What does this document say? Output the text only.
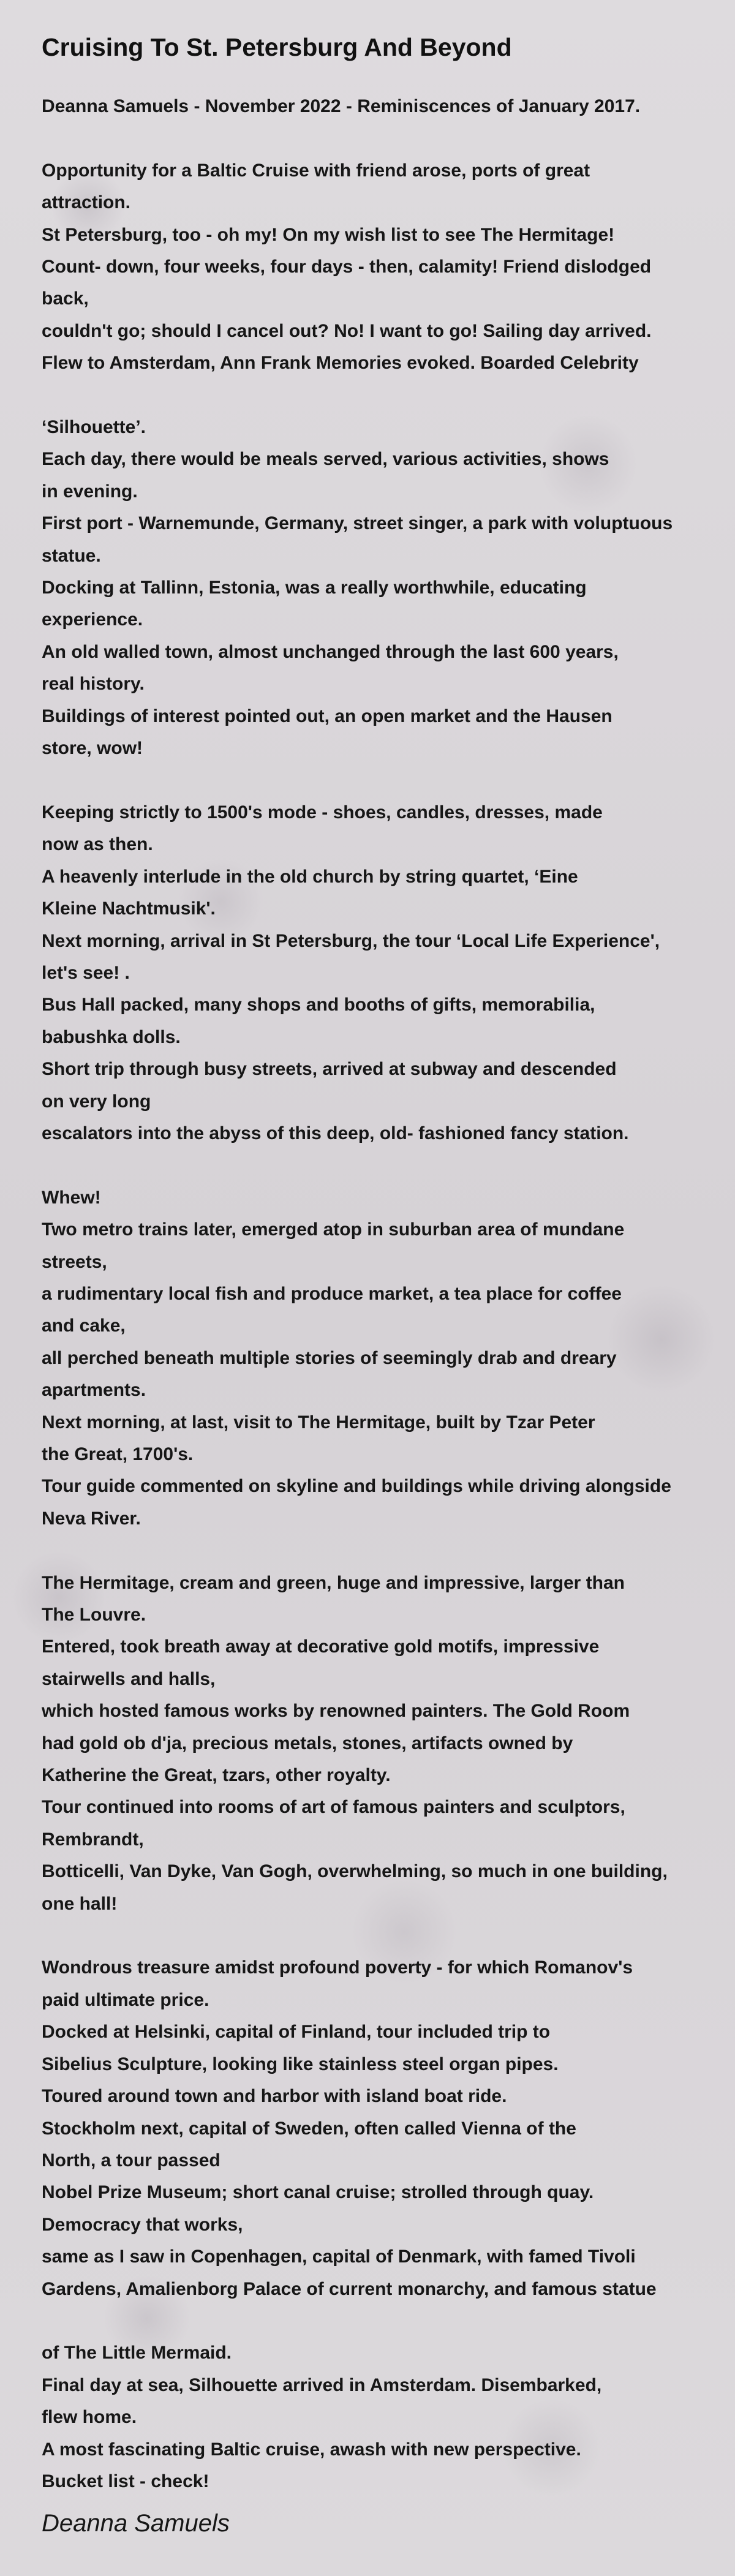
Cruising To St. Petersburg And Beyond
Deanna Samuels - November 2022 - Reminiscences of January 2017.
Opportunity for a Baltic Cruise with friend arose, ports of great
attraction.
St Petersburg, too - oh my! On my wish list to see The Hermitage!
Count- down, four weeks, four days - then, calamity! Friend dislodged
back,
couldn't go; should I cancel out? No! I want to go! Sailing day arrived.
Flew to Amsterdam, Ann Frank Memories evoked. Boarded Celebrity
‘Silhouette’.
Each day, there would be meals served, various activities, shows
in evening.
First port - Warnemunde, Germany, street singer, a park with voluptuous
statue.
Docking at Tallinn, Estonia, was a really worthwhile, educating
experience.
An old walled town, almost unchanged through the last 600 years,
real history.
Buildings of interest pointed out, an open market and the Hausen
store, wow!
Keeping strictly to 1500's mode - shoes, candles, dresses, made
now as then.
A heavenly interlude in the old church by string quartet, ‘Eine
Kleine Nachtmusik'.
Next morning, arrival in St Petersburg, the tour ‘Local Life Experience',
let's see! .
Bus Hall packed, many shops and booths of gifts, memorabilia,
babushka dolls.
Short trip through busy streets, arrived at subway and descended
on very long
escalators into the abyss of this deep, old- fashioned fancy station.
Whew!
Two metro trains later, emerged atop in suburban area of mundane
streets,
a rudimentary local fish and produce market, a tea place for coffee
and cake,
all perched beneath multiple stories of seemingly drab and dreary
apartments.
Next morning, at last, visit to The Hermitage, built by Tzar Peter
the Great, 1700's.
Tour guide commented on skyline and buildings while driving alongside
Neva River.
The Hermitage, cream and green, huge and impressive, larger than
The Louvre.
Entered, took breath away at decorative gold motifs, impressive
stairwells and halls,
which hosted famous works by renowned painters. The Gold Room
had gold ob d'ja, precious metals, stones, artifacts owned by
Katherine the Great, tzars, other royalty.
Tour continued into rooms of art of famous painters and sculptors,
Rembrandt,
Botticelli, Van Dyke, Van Gogh, overwhelming, so much in one building,
one hall!
Wondrous treasure amidst profound poverty - for which Romanov's
paid ultimate price.
Docked at Helsinki, capital of Finland, tour included trip to
Sibelius Sculpture, looking like stainless steel organ pipes.
Toured around town and harbor with island boat ride.
Stockholm next, capital of Sweden, often called Vienna of the
North, a tour passed
Nobel Prize Museum; short canal cruise; strolled through quay.
Democracy that works,
same as I saw in Copenhagen, capital of Denmark, with famed Tivoli
Gardens, Amalienborg Palace of current monarchy, and famous statue
of The Little Mermaid.
Final day at sea, Silhouette arrived in Amsterdam. Disembarked,
flew home.
A most fascinating Baltic cruise, awash with new perspective.
Bucket list - check!
Deanna Samuels
